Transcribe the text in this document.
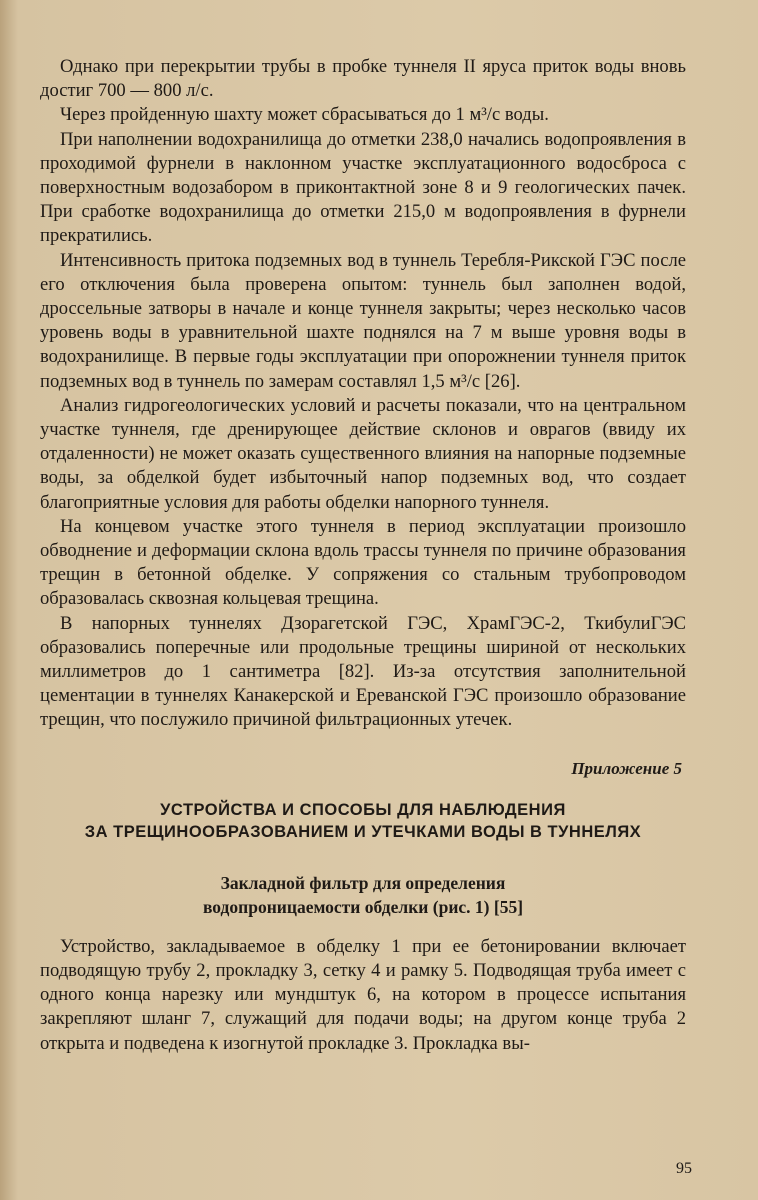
Однако при перекрытии трубы в пробке туннеля II яруса приток воды вновь достиг 700 — 800 л/с.

Через пройденную шахту может сбрасываться до 1 м³/с воды.

При наполнении водохранилища до отметки 238,0 начались водопроявления в проходимой фурнели в наклонном участке эксплуатационного водосброса с поверхностным водозабором в приконтактной зоне 8 и 9 геологических пачек. При сработке водохранилища до отметки 215,0 м водопроявления в фурнели прекратились.

Интенсивность притока подземных вод в туннель Теребля-Рикской ГЭС после его отключения была проверена опытом: туннель был заполнен водой, дроссельные затворы в начале и конце туннеля закрыты; через несколько часов уровень воды в уравнительной шахте поднялся на 7 м выше уровня воды в водохранилище. В первые годы эксплуатации при опорожнении туннеля приток подземных вод в туннель по замерам составлял 1,5 м³/с [26].

Анализ гидрогеологических условий и расчеты показали, что на центральном участке туннеля, где дренирующее действие склонов и оврагов (ввиду их отдаленности) не может оказать существенного влияния на напорные подземные воды, за обделкой будет избыточный напор подземных вод, что создает благоприятные условия для работы обделки напорного туннеля.

На концевом участке этого туннеля в период эксплуатации произошло обводнение и деформации склона вдоль трассы туннеля по причине образования трещин в бетонной обделке. У сопряжения со стальным трубопроводом образовалась сквозная кольцевая трещина.

В напорных туннелях Дзорагетской ГЭС, ХрамГЭС-2, ТкибулиГЭС образовались поперечные или продольные трещины шириной от нескольких миллиметров до 1 сантиметра [82]. Из-за отсутствия заполнительной цементации в туннелях Канакерской и Ереванской ГЭС произошло образование трещин, что послужило причиной фильтрационных утечек.

Приложение 5
УСТРОЙСТВА И СПОСОБЫ ДЛЯ НАБЛЮДЕНИЯ
ЗА ТРЕЩИНООБРАЗОВАНИЕМ И УТЕЧКАМИ ВОДЫ В ТУННЕЛЯХ
Закладной фильтр для определения
водопроницаемости обделки (рис. 1) [55]

Устройство, закладываемое в обделку 1 при ее бетонировании включает подводящую трубу 2, прокладку 3, сетку 4 и рамку 5. Подводящая труба имеет с одного конца нарезку или мундштук 6, на котором в процессе испытания закрепляют шланг 7, служащий для подачи воды; на другом конце труба 2 открыта и подведена к изогнутой прокладке 3. Прокладка вы-

95
